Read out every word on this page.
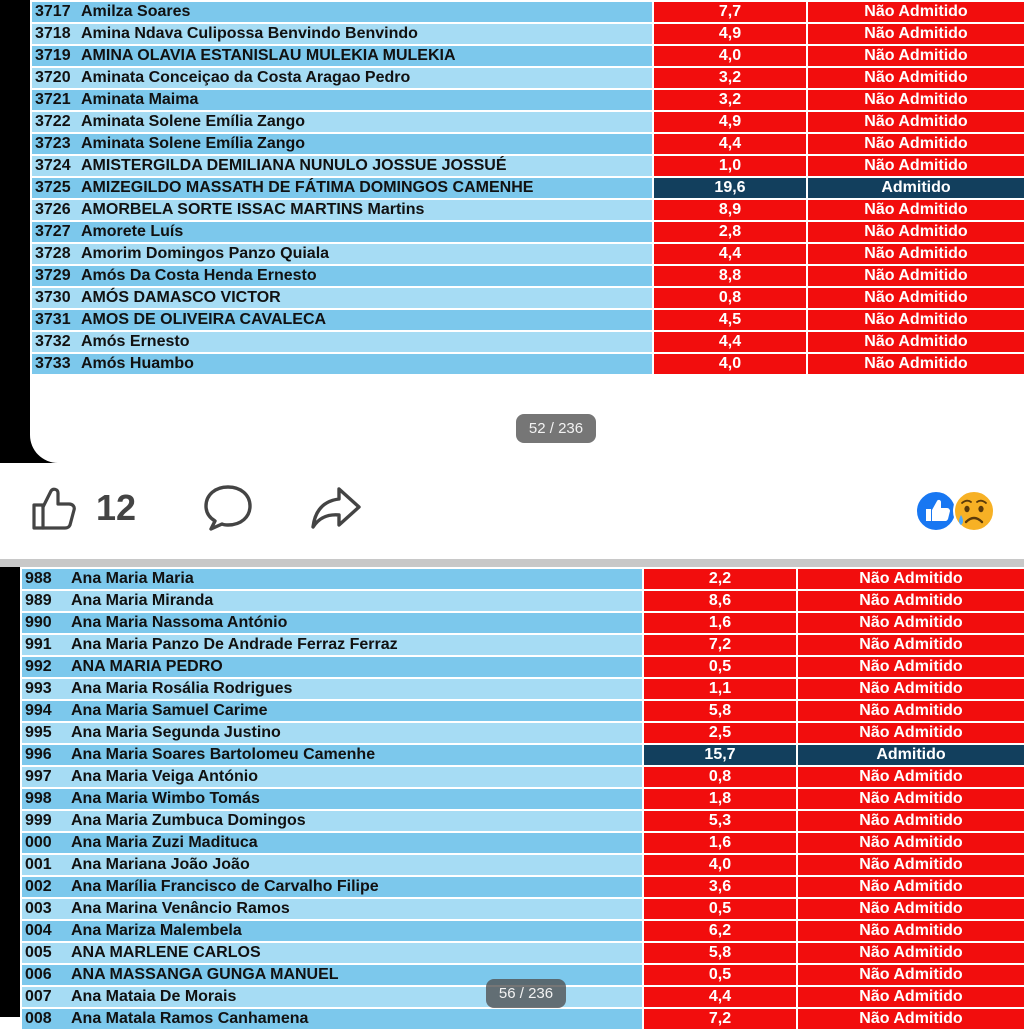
3717 Amilza Soares	7,7	Não Admitido
3718 Amina Ndava Culipossa Benvindo Benvindo	4,9	Não Admitido
3719 AMINA OLAVIA ESTANISLAU MULEKIA MULEKIA	4,0	Não Admitido
3720 Aminata Conceiçao da Costa Aragao Pedro	3,2	Não Admitido
3721 Aminata Maima	3,2	Não Admitido
3722 Aminata Solene Emília Zango	4,9	Não Admitido
3723 Aminata Solene Emília Zango	4,4	Não Admitido
3724 AMISTERGILDA DEMILIANA NUNULO JOSSUE JOSSUÉ	1,0	Não Admitido
3725 AMIZEGILDO MASSATH DE FÁTIMA DOMINGOS CAMENHE	19,6	Admitido
3726 AMORBELA SORTE ISSAC MARTINS Martins	8,9	Não Admitido
3727 Amorete Luís	2,8	Não Admitido
3728 Amorim Domingos Panzo Quiala	4,4	Não Admitido
3729 Amós Da Costa Henda Ernesto	8,8	Não Admitido
3730 AMÓS DAMASCO VICTOR	0,8	Não Admitido
3731 AMOS DE OLIVEIRA CAVALECA	4,5	Não Admitido
3732 Amós Ernesto	4,4	Não Admitido
3733 Amós Huambo	4,0	Não Admitido
52 / 236
12
988 Ana Maria Maria	2,2	Não Admitido
989 Ana Maria Miranda	8,6	Não Admitido
990 Ana Maria Nassoma António	1,6	Não Admitido
991 Ana Maria Panzo De Andrade Ferraz Ferraz	7,2	Não Admitido
992 ANA MARIA PEDRO	0,5	Não Admitido
993 Ana Maria Rosália Rodrigues	1,1	Não Admitido
994 Ana Maria Samuel Carime	5,8	Não Admitido
995 Ana Maria Segunda Justino	2,5	Não Admitido
996 Ana Maria Soares Bartolomeu Camenhe	15,7	Admitido
997 Ana Maria Veiga António	0,8	Não Admitido
998 Ana Maria Wimbo Tomás	1,8	Não Admitido
999 Ana Maria Zumbuca Domingos	5,3	Não Admitido
000 Ana Maria Zuzi Madituca	1,6	Não Admitido
001 Ana Mariana João João	4,0	Não Admitido
002 Ana Marília Francisco de Carvalho Filipe	3,6	Não Admitido
003 Ana Marina Venâncio Ramos	0,5	Não Admitido
004 Ana Mariza Malembela	6,2	Não Admitido
005 ANA MARLENE CARLOS	5,8	Não Admitido
006 ANA MASSANGA GUNGA MANUEL	0,5	Não Admitido
007 Ana Mataia De Morais	4,4	Não Admitido
008 Ana Matala Ramos Canhamena	7,2	Não Admitido
56 / 236
